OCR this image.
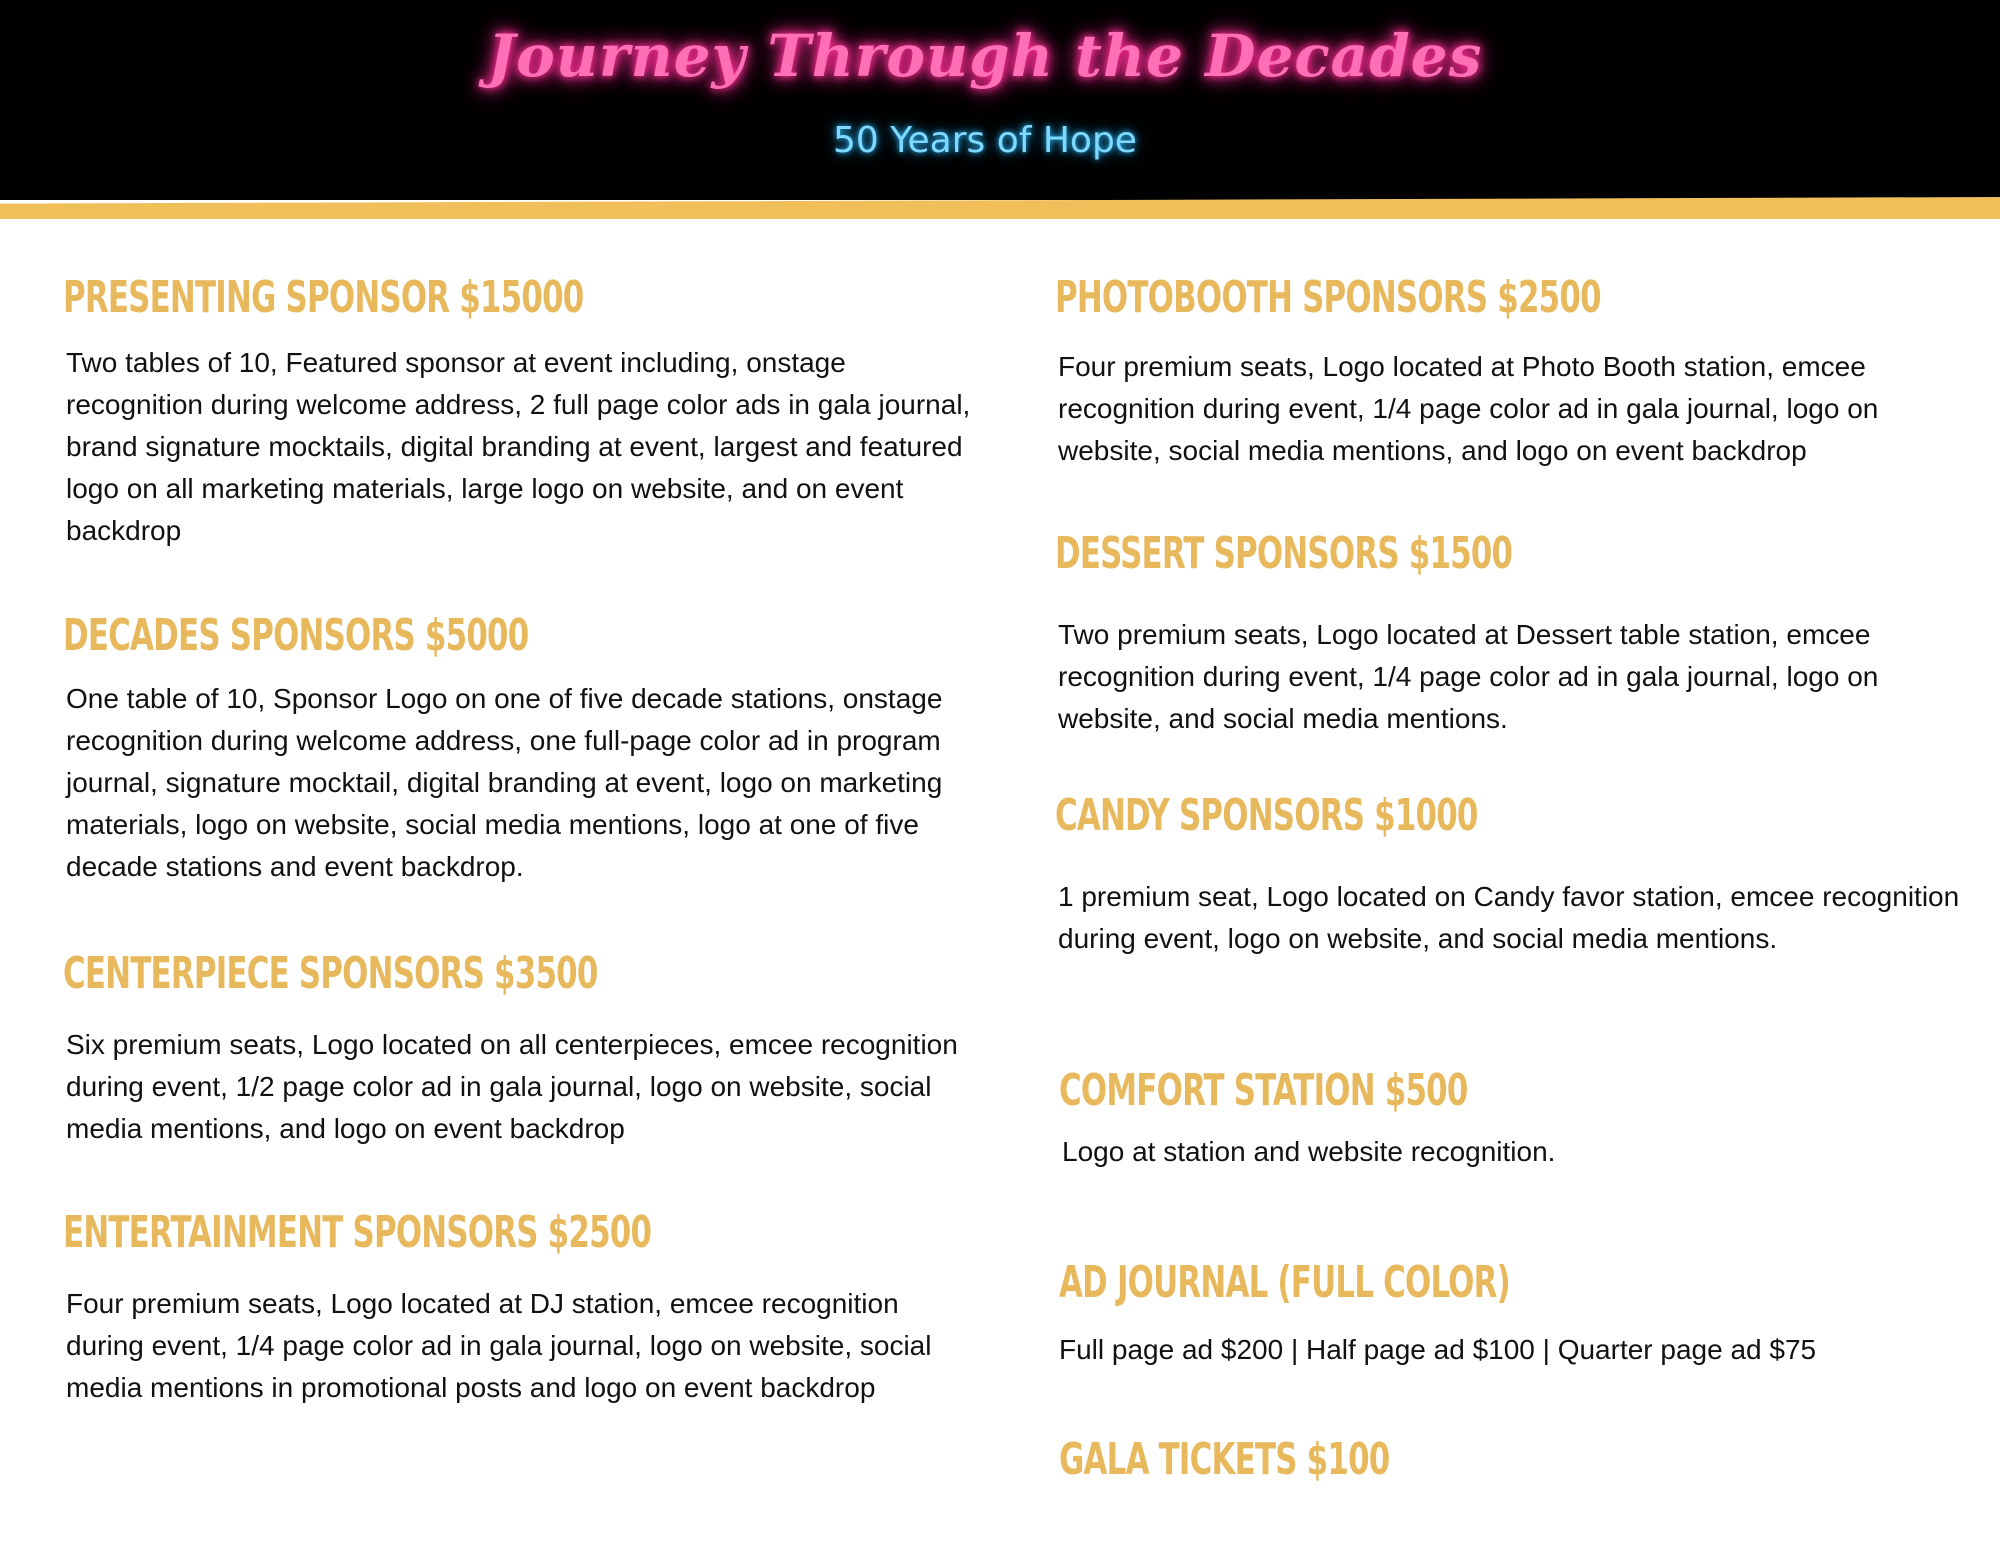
Journey Through the Decades
50 Years of Hope
PRESENTING SPONSOR $15000

Two tables of 10, Featured sponsor at event including, onstage recognition during welcome address, 2 full page color ads in gala journal, brand signature mocktails, digital branding at event, largest and featured logo on all marketing materials, large logo on website, and on event backdrop

DECADES SPONSORS $5000

One table of 10, Sponsor Logo on one of five decade stations, onstage recognition during welcome address, one full-page color ad in program journal, signature mocktail, digital branding at event, logo on marketing materials, logo on website, social media mentions, logo at one of five decade stations and event backdrop.

CENTERPIECE SPONSORS $3500

Six premium seats, Logo located on all centerpieces, emcee recognition during event, 1/2 page color ad in gala journal, logo on website, social media mentions, and logo on event backdrop

ENTERTAINMENT SPONSORS $2500

Four premium seats, Logo located at DJ station, emcee recognition during event, 1/4 page color ad in gala journal, logo on website, social media mentions in promotional posts and logo on event backdrop

PHOTOBOOTH SPONSORS $2500

Four premium seats, Logo located at Photo Booth station, emcee recognition during event, 1/4 page color ad in gala journal, logo on website, social media mentions, and logo on event backdrop

DESSERT SPONSORS $1500

Two premium seats, Logo located at Dessert table station, emcee recognition during event, 1/4 page color ad in gala journal, logo on website, and social media mentions.

CANDY SPONSORS $1000

1 premium seat, Logo located on Candy favor station, emcee recognition during event, logo on website, and social media mentions.

COMFORT STATION $500

Logo at station and website recognition.

AD JOURNAL (FULL COLOR)

Full page ad $200 | Half page ad $100 | Quarter page ad $75

GALA TICKETS $100
